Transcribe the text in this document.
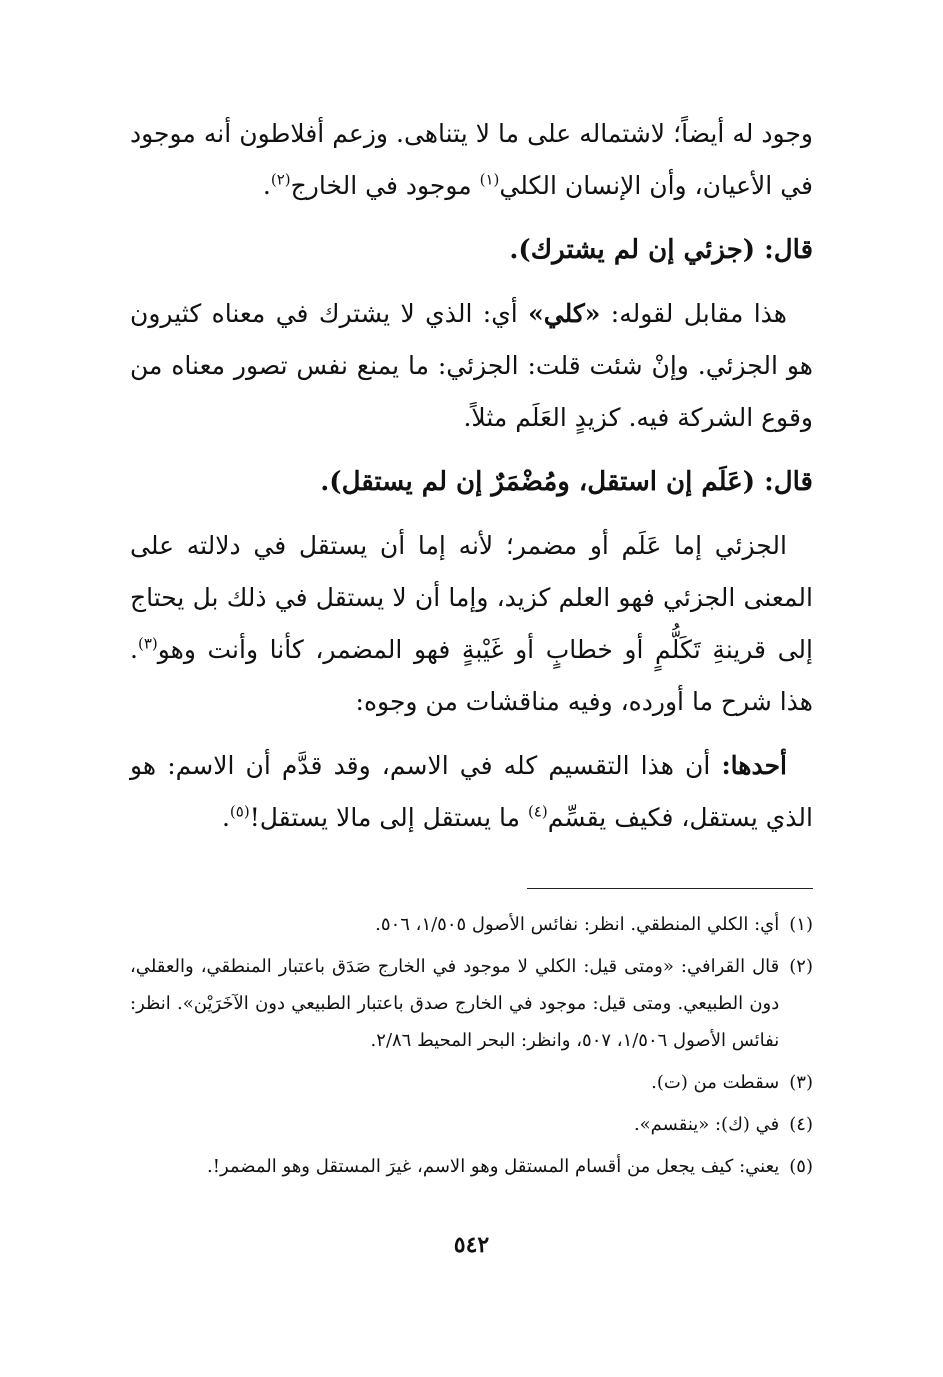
وجود له أيضاً؛ لاشتماله على ما لا يتناهى. وزعم أفلاطون أنه موجود في الأعيان، وأن الإنسان الكلي$^{(١)}$ موجود في الخارج$^{(٢)}$.

قال: (جزئي إن لم يشترك).

هذا مقابل لقوله: «كلي» أي: الذي لا يشترك في معناه كثيرون هو الجزئي. وإنْ شئت قلت: الجزئي: ما يمنع نفس تصور معناه من وقوع الشركة فيه. كزيدٍ العَلَم مثلاً.

قال: (عَلَم إن استقل، ومُضْمَرٌ إن لم يستقل).

الجزئي إما عَلَم أو مضمر؛ لأنه إما أن يستقل في دلالته على المعنى الجزئي فهو العلم كزيد، وإما أن لا يستقل في ذلك بل يحتاج إلى قرينةِ تَكَلُّمٍ أو خطابٍ أو غَيْبةٍ فهو المضمر، كأنا وأنت وهو$^{(٣)}$. هذا شرح ما أورده، وفيه مناقشات من وجوه:

أحدها: أن هذا التقسيم كله في الاسم، وقد قدَّم أن الاسم: هو الذي يستقل، فكيف يقسِّم$^{(٤)}$ ما يستقل إلى مالا يستقل!$^{(٥)}$.

(١)
أي: الكلي المنطقي. انظر: نفائس الأصول ١/٥٠٥، ٥٠٦.
(٢)
قال القرافي: «ومتى قيل: الكلي لا موجود في الخارج صَدَق باعتبار المنطقي، والعقلي، دون الطبيعي. ومتى قيل: موجود في الخارج صدق باعتبار الطبيعي دون الآخَرَيْن». انظر: نفائس الأصول ١/٥٠٦، ٥٠٧، وانظر: البحر المحيط ٢/٨٦.
(٣)
سقطت من (ت).
(٤)
في (ك): «ينقسم».
(٥)
يعني: كيف يجعل من أقسام المستقل وهو الاسم، غيرَ المستقل وهو المضمر!.
٥٤٢
